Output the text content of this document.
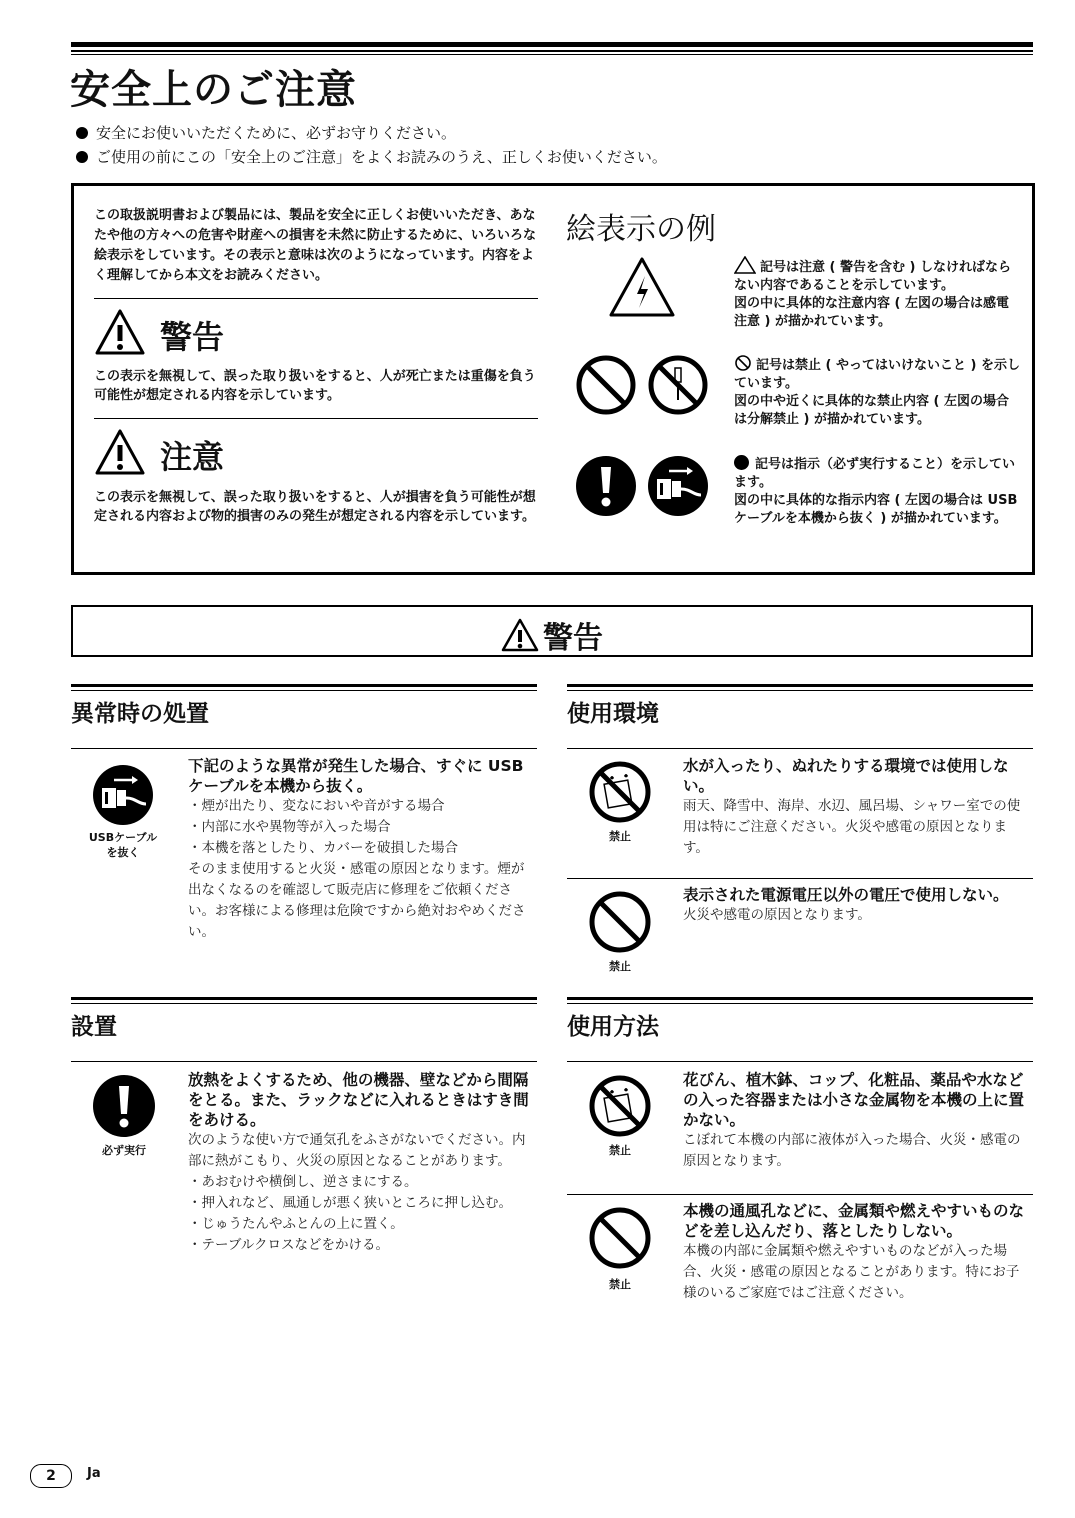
安全上のご注意
安全にお使いいただくために、必ずお守りください。
ご使用の前にこの「安全上のご注意」をよくお読みのうえ、正しくお使いください。
この取扱説明書および製品には、製品を安全に正しくお使いいただき、あなたや他の方々への危害や財産への損害を未然に防止するために、いろいろな絵表示をしています。その表示と意味は次のようになっています。内容をよく理解してから本文をお読みください。
警告
この表示を無視して、誤った取り扱いをすると、人が死亡または重傷を負う可能性が想定される内容を示しています。
注意
この表示を無視して、誤った取り扱いをすると、人が損害を負う可能性が想定される内容および物的損害のみの発生が想定される内容を示しています。
絵表示の例
記号は注意 ( 警告を含む ) しなければならない内容であることを示しています。
図の中に具体的な注意内容 ( 左図の場合は感電注意 ) が描かれています。
記号は禁止 ( やってはいけないこと ) を示しています。
図の中や近くに具体的な禁止内容 ( 左図の場合は分解禁止 ) が描かれています。
記号は指示（必ず実行すること）を示しています。
図の中に具体的な指示内容 ( 左図の場合は USB ケーブルを本機から抜く ) が描かれています。
警告
異常時の処置
USBケーブル
を抜く
下記のような異常が発生した場合、すぐに USB ケーブルを本機から抜く。
・煙が出たり、変なにおいや音がする場合
・内部に水や異物等が入った場合
・本機を落としたり、カバーを破損した場合
そのまま使用すると火災・感電の原因となります。煙が出なくなるのを確認して販売店に修理をご依頼ください。お客様による修理は危険ですから絶対おやめください。
使用環境
禁止
水が入ったり、ぬれたりする環境では使用しない。
雨天、降雪中、海岸、水辺、風呂場、シャワー室での使用は特にご注意ください。火災や感電の原因となります。
禁止
表示された電源電圧以外の電圧で使用しない。
火災や感電の原因となります。
設置
必ず実行
放熱をよくするため、他の機器、壁などから間隔をとる。また、ラックなどに入れるときはすき間をあける。
次のような使い方で通気孔をふさがないでください。内部に熱がこもり、火災の原因となることがあります。
・あおむけや横倒し、逆さまにする。
・押入れなど、風通しが悪く狭いところに押し込む。
・じゅうたんやふとんの上に置く。
・テーブルクロスなどをかける。
使用方法
禁止
花びん、植木鉢、コップ、化粧品、薬品や水などの入った容器または小さな金属物を本機の上に置かない。
こぼれて本機の内部に液体が入った場合、火災・感電の原因となります。
禁止
本機の通風孔などに、金属類や燃えやすいものなどを差し込んだり、落としたりしない。
本機の内部に金属類や燃えやすいものなどが入った場合、火災・感電の原因となることがあります。特にお子様のいるご家庭ではご注意ください。
2	Ja
